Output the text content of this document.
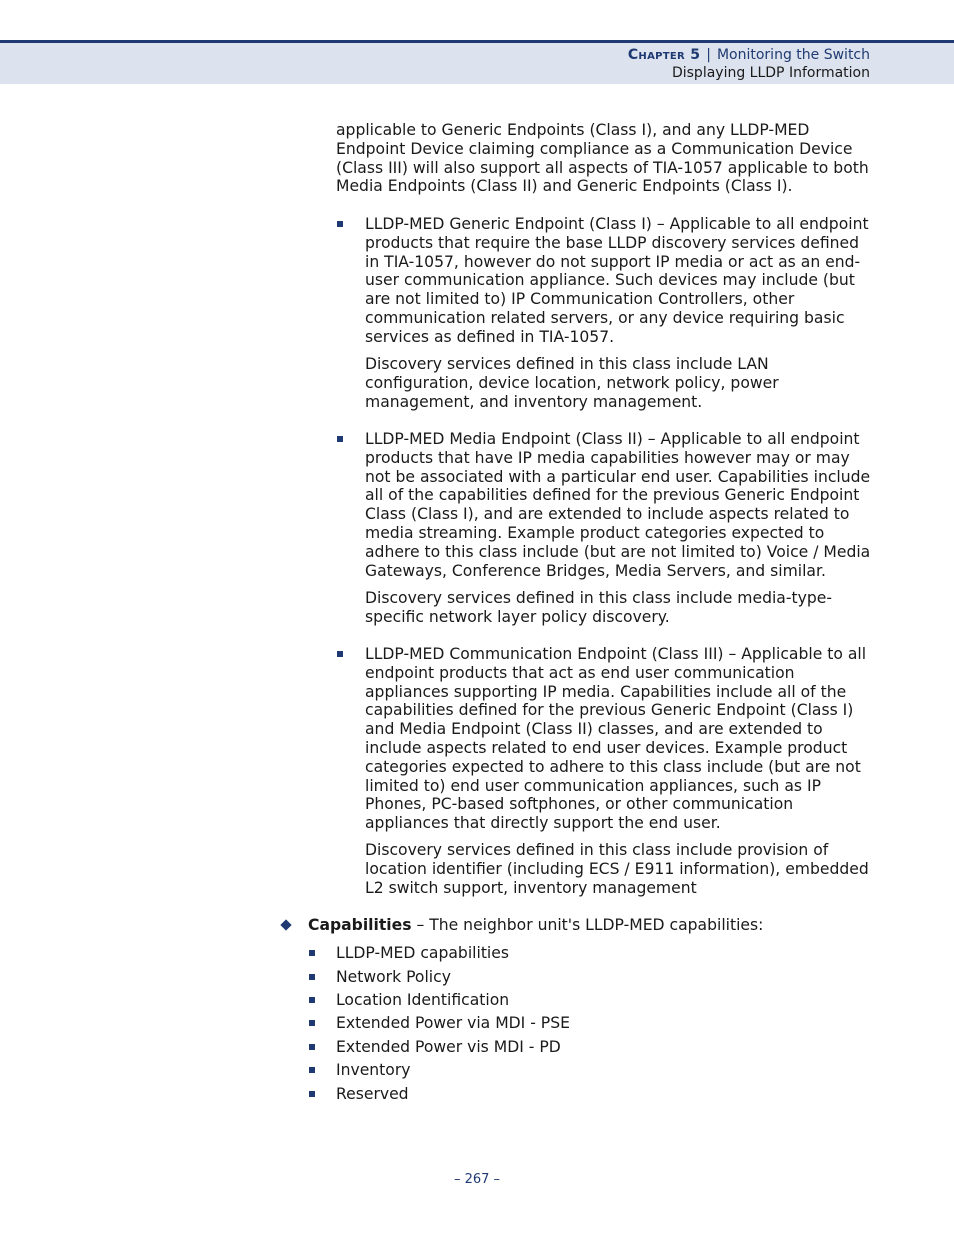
Chapter 5 | Monitoring the Switch
Displaying LLDP Information

applicable to Generic Endpoints (Class I), and any LLDP-MED Endpoint Device claiming compliance as a Communication Device (Class III) will also support all aspects of TIA-1057 applicable to both Media Endpoints (Class II) and Generic Endpoints (Class I).

LLDP-MED Generic Endpoint (Class I) – Applicable to all endpoint products that require the base LLDP discovery services defined in TIA-1057, however do not support IP media or act as an end-user communication appliance. Such devices may include (but are not limited to) IP Communication Controllers, other communication related servers, or any device requiring basic services as defined in TIA-1057.

Discovery services defined in this class include LAN configuration, device location, network policy, power management, and inventory management.

LLDP-MED Media Endpoint (Class II) – Applicable to all endpoint products that have IP media capabilities however may or may not be associated with a particular end user. Capabilities include all of the capabilities defined for the previous Generic Endpoint Class (Class I), and are extended to include aspects related to media streaming. Example product categories expected to adhere to this class include (but are not limited to) Voice / Media Gateways, Conference Bridges, Media Servers, and similar.

Discovery services defined in this class include media-type-specific network layer policy discovery.

LLDP-MED Communication Endpoint (Class III) – Applicable to all endpoint products that act as end user communication appliances supporting IP media. Capabilities include all of the capabilities defined for the previous Generic Endpoint (Class I) and Media Endpoint (Class II) classes, and are extended to include aspects related to end user devices. Example product categories expected to adhere to this class include (but are not limited to) end user communication appliances, such as IP Phones, PC-based softphones, or other communication appliances that directly support the end user.

Discovery services defined in this class include provision of location identifier (including ECS / E911 information), embedded L2 switch support, inventory management

Capabilities – The neighbor unit's LLDP-MED capabilities:

LLDP-MED capabilities

Network Policy

Location Identification

Extended Power via MDI - PSE

Extended Power vis MDI - PD

Inventory

Reserved

– 267 –
